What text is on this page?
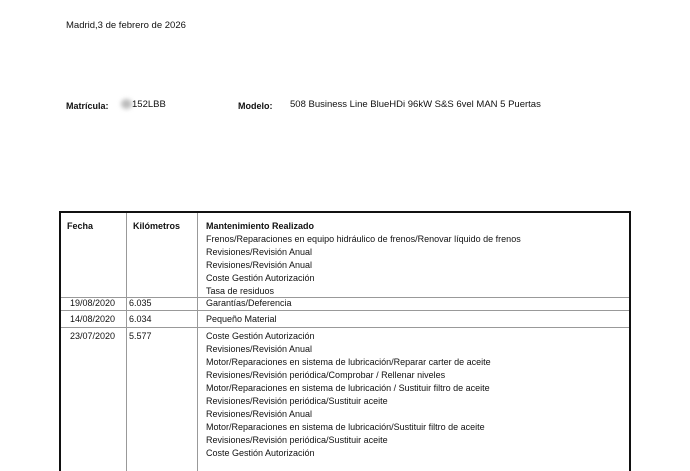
Madrid,3 de febrero de 2026
Matrícula: 152LBB	Modelo: 508 Business Line BlueHDi 96kW S&S 6vel MAN 5 Puertas
Fecha	Kilómetros	Mantenimiento Realizado
Frenos/Reparaciones en equipo hidráulico de frenos/Renovar líquido de frenos
Revisiones/Revisión Anual
Revisiones/Revisión Anual
Coste Gestión Autorización
Tasa de residuos
19/08/2020 6.035	Garantías/Deferencia
14/08/2020 6.034	Pequeño Material
23/07/2020 5.577	Coste Gestión Autorización
Revisiones/Revisión Anual
Motor/Reparaciones en sistema de lubricación/Reparar carter de aceite
Revisiones/Revisión periódica/Comprobar / Rellenar niveles
Motor/Reparaciones en sistema de lubricación / Sustituir filtro de aceite
Revisiones/Revisión periódica/Sustituir aceite
Revisiones/Revisión Anual
Motor/Reparaciones en sistema de lubricación/Sustituir filtro de aceite
Revisiones/Revisión periódica/Sustituir aceite
Coste Gestión Autorización
